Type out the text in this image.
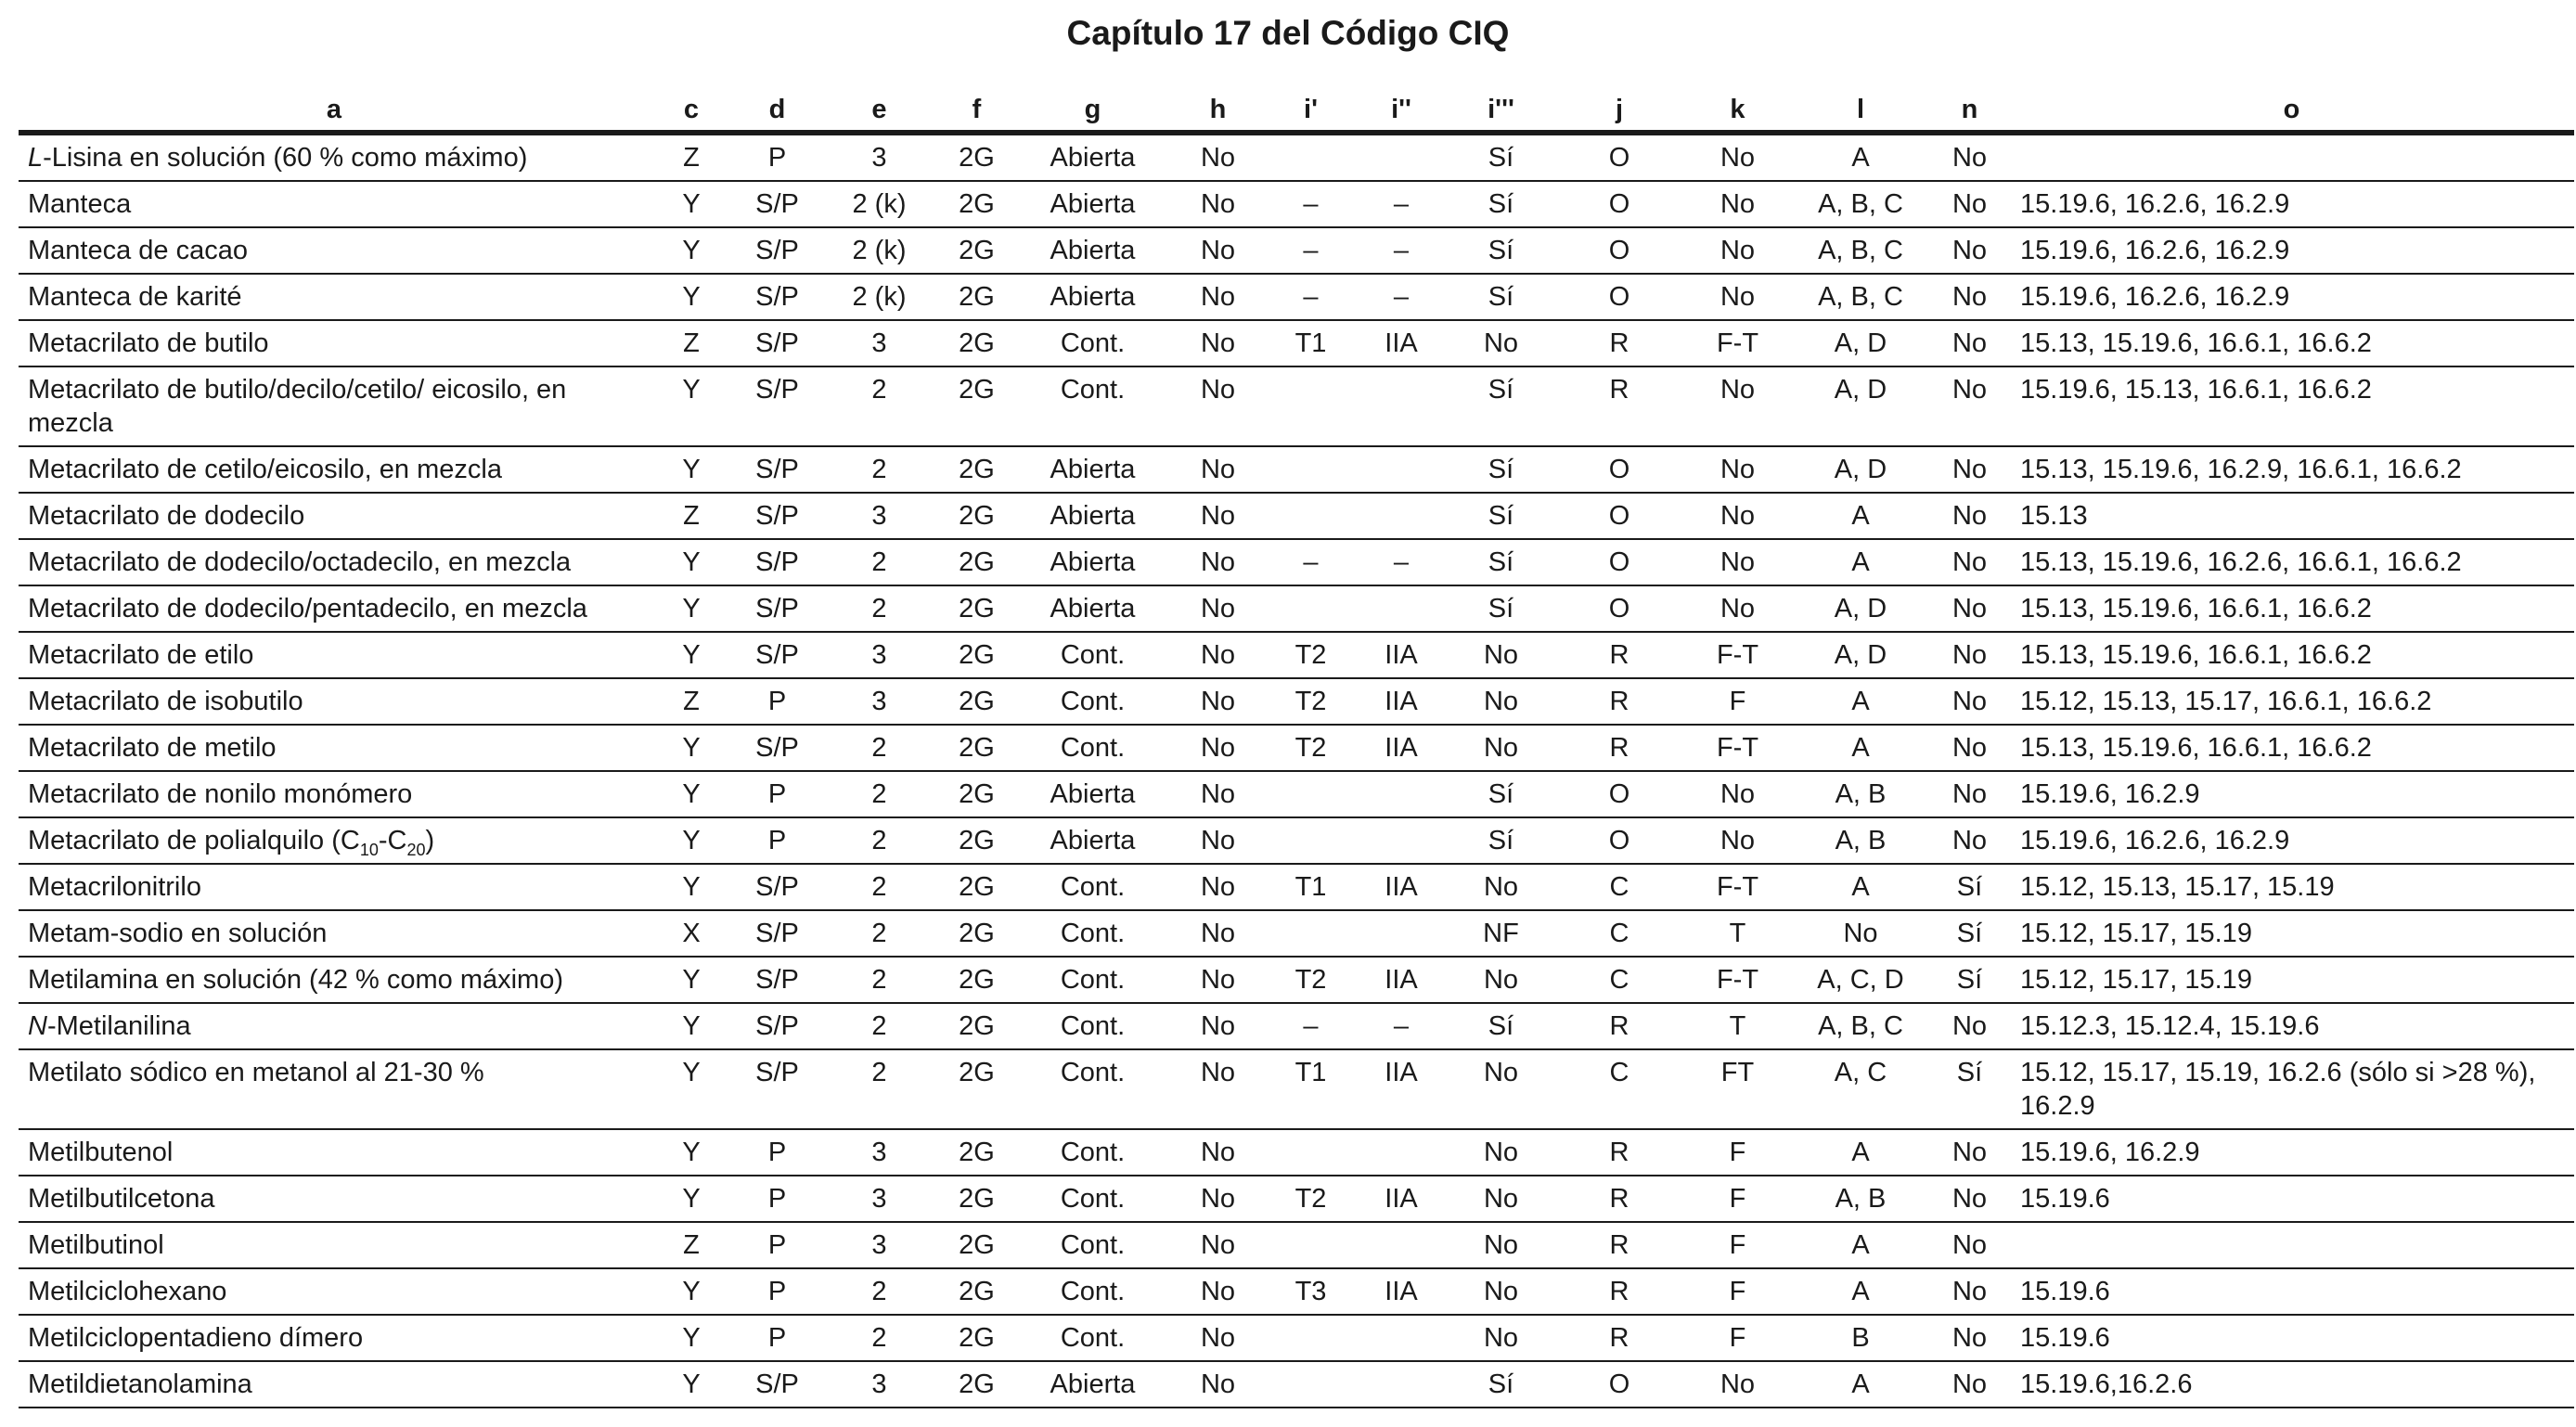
Capítulo 17 del Código CIQ
a	c	d	e	f	g	h	i'	i''	i'''	j	k	l	n	o
L-Lisina en solución (60 % como máximo)	Z	P	3	2G	Abierta	No			Sí	O	No	A	No	
Manteca	Y	S/P	2 (k)	2G	Abierta	No	–	–	Sí	O	No	A, B, C	No	15.19.6, 16.2.6, 16.2.9
Manteca de cacao	Y	S/P	2 (k)	2G	Abierta	No	–	–	Sí	O	No	A, B, C	No	15.19.6, 16.2.6, 16.2.9
Manteca de karité	Y	S/P	2 (k)	2G	Abierta	No	–	–	Sí	O	No	A, B, C	No	15.19.6, 16.2.6, 16.2.9
Metacrilato de butilo	Z	S/P	3	2G	Cont.	No	T1	IIA	No	R	F-T	A, D	No	15.13, 15.19.6, 16.6.1, 16.6.2
Metacrilato de butilo/decilo/cetilo/ eicosilo, en mezcla	Y	S/P	2	2G	Cont.	No			Sí	R	No	A, D	No	15.19.6, 15.13, 16.6.1, 16.6.2
Metacrilato de cetilo/eicosilo, en mezcla	Y	S/P	2	2G	Abierta	No			Sí	O	No	A, D	No	15.13, 15.19.6, 16.2.9, 16.6.1, 16.6.2
Metacrilato de dodecilo	Z	S/P	3	2G	Abierta	No			Sí	O	No	A	No	15.13
Metacrilato de dodecilo/octadecilo, en mezcla	Y	S/P	2	2G	Abierta	No	–	–	Sí	O	No	A	No	15.13, 15.19.6, 16.2.6, 16.6.1, 16.6.2
Metacrilato de dodecilo/pentadecilo, en mezcla	Y	S/P	2	2G	Abierta	No			Sí	O	No	A, D	No	15.13, 15.19.6, 16.6.1, 16.6.2
Metacrilato de etilo	Y	S/P	3	2G	Cont.	No	T2	IIA	No	R	F-T	A, D	No	15.13, 15.19.6, 16.6.1, 16.6.2
Metacrilato de isobutilo	Z	P	3	2G	Cont.	No	T2	IIA	No	R	F	A	No	15.12, 15.13, 15.17, 16.6.1, 16.6.2
Metacrilato de metilo	Y	S/P	2	2G	Cont.	No	T2	IIA	No	R	F-T	A	No	15.13, 15.19.6, 16.6.1, 16.6.2
Metacrilato de nonilo monómero	Y	P	2	2G	Abierta	No			Sí	O	No	A, B	No	15.19.6, 16.2.9
Metacrilato de polialquilo $(C_{10}-C_{20})$	Y	P	2	2G	Abierta	No			Sí	O	No	A, B	No	15.19.6, 16.2.6, 16.2.9
Metacrilonitrilo	Y	S/P	2	2G	Cont.	No	T1	IIA	No	C	F-T	A	Sí	15.12, 15.13, 15.17, 15.19
Metam-sodio en solución	X	S/P	2	2G	Cont.	No			NF	C	T	No	Sí	15.12, 15.17, 15.19
Metilamina en solución (42 % como máximo)	Y	S/P	2	2G	Cont.	No	T2	IIA	No	C	F-T	A, C, D	Sí	15.12, 15.17, 15.19
N-Metilanilina	Y	S/P	2	2G	Cont.	No	–	–	Sí	R	T	A, B, C	No	15.12.3, 15.12.4, 15.19.6
Metilato sódico en metanol al 21-30 %	Y	S/P	2	2G	Cont.	No	T1	IIA	No	C	FT	A, C	Sí	15.12, 15.17, 15.19, 16.2.6 (sólo si >28 %), 16.2.9
Metilbutenol	Y	P	3	2G	Cont.	No			No	R	F	A	No	15.19.6, 16.2.9
Metilbutilcetona	Y	P	3	2G	Cont.	No	T2	IIA	No	R	F	A, B	No	15.19.6
Metilbutinol	Z	P	3	2G	Cont.	No			No	R	F	A	No	
Metilciclohexano	Y	P	2	2G	Cont.	No	T3	IIA	No	R	F	A	No	15.19.6
Metilciclopentadieno dímero	Y	P	2	2G	Cont.	No			No	R	F	B	No	15.19.6
Metildietanolamina	Y	S/P	3	2G	Abierta	No			Sí	O	No	A	No	15.19.6,16.2.6
